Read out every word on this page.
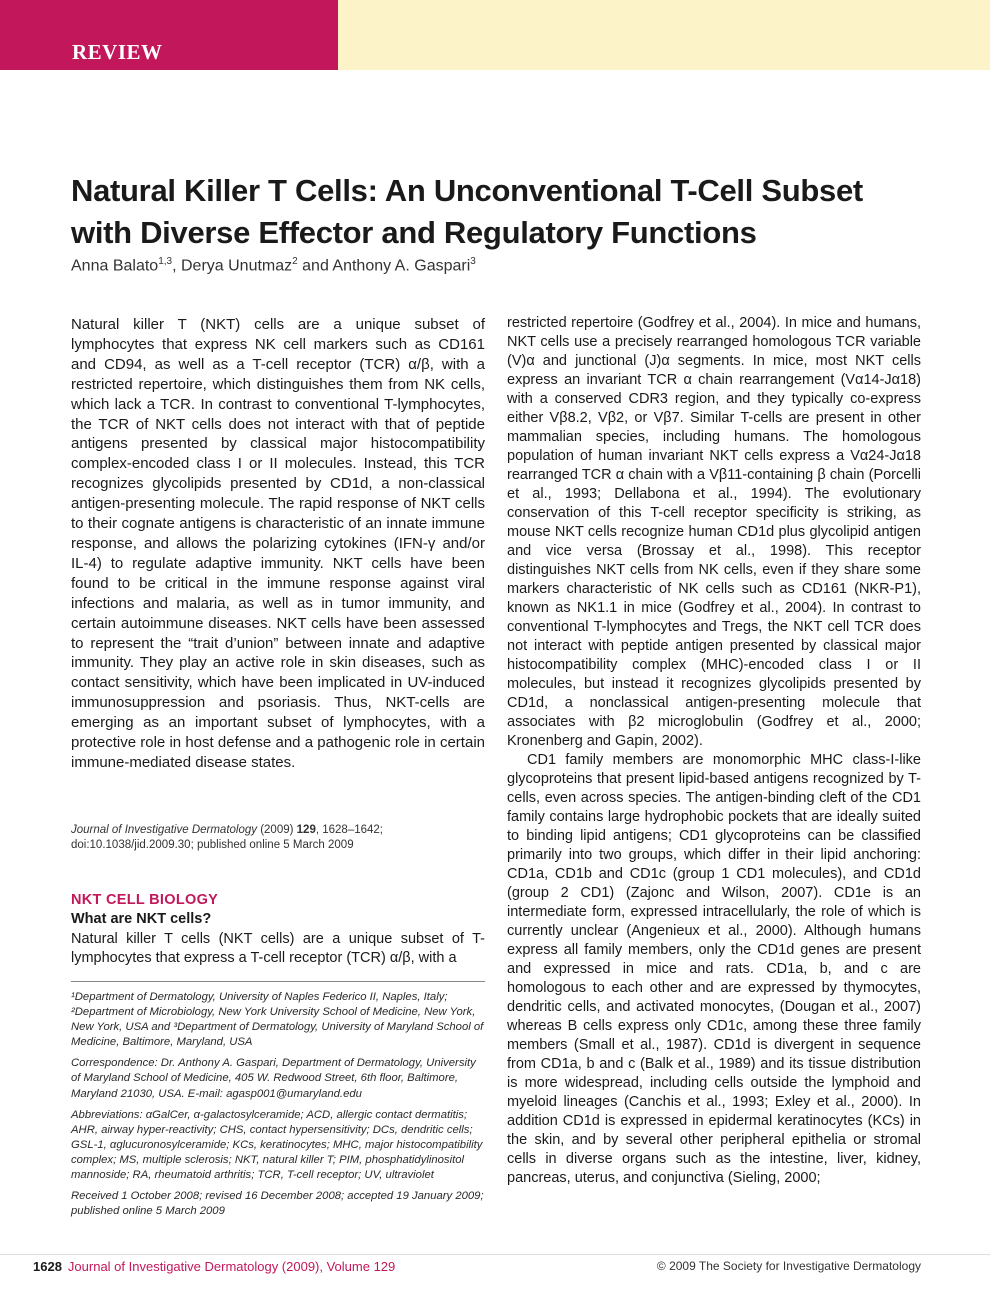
REVIEW
Natural Killer T Cells: An Unconventional T-Cell Subset with Diverse Effector and Regulatory Functions
Anna Balato$^{1,3}$, Derya Unutmaz$^2$ and Anthony A. Gaspari$^3$

Natural killer T (NKT) cells are a unique subset of lymphocytes that express NK cell markers such as CD161 and CD94, as well as a T-cell receptor (TCR) α/β, with a restricted repertoire, which distinguishes them from NK cells, which lack a TCR. In contrast to conventional T-lymphocytes, the TCR of NKT cells does not interact with that of peptide antigens presented by classical major histocompatibility complex-encoded class I or II molecules. Instead, this TCR recognizes glycolipids presented by CD1d, a non-classical antigen-presenting molecule. The rapid response of NKT cells to their cognate antigens is characteristic of an innate immune response, and allows the polarizing cytokines (IFN-γ and/or IL-4) to regulate adaptive immunity. NKT cells have been found to be critical in the immune response against viral infections and malaria, as well as in tumor immunity, and certain autoimmune diseases. NKT cells have been assessed to represent the “trait d’union” between innate and adaptive immunity. They play an active role in skin diseases, such as contact sensitivity, which have been implicated in UV-induced immunosuppression and psoriasis. Thus, NKT-cells are emerging as an important subset of lymphocytes, with a protective role in host defense and a pathogenic role in certain immune-mediated disease states.

Journal of Investigative Dermatology (2009) 129, 1628–1642;
doi:10.1038/jid.2009.30; published online 5 March 2009
NKT CELL BIOLOGY
What are NKT cells?

Natural killer T cells (NKT cells) are a unique subset of T-lymphocytes that express a T-cell receptor (TCR) α/β, with a

¹Department of Dermatology, University of Naples Federico II, Naples, Italy; ²Department of Microbiology, New York University School of Medicine, New York, New York, USA and ³Department of Dermatology, University of Maryland School of Medicine, Baltimore, Maryland, USA

Correspondence: Dr. Anthony A. Gaspari, Department of Dermatology, University of Maryland School of Medicine, 405 W. Redwood Street, 6th floor, Baltimore, Maryland 21030, USA. E-mail: agasp001@umaryland.edu

Abbreviations: αGalCer, α-galactosylceramide; ACD, allergic contact dermatitis; AHR, airway hyper-reactivity; CHS, contact hypersensitivity; DCs, dendritic cells; GSL-1, αglucuronosylceramide; KCs, keratinocytes; MHC, major histocompatibility complex; MS, multiple sclerosis; NKT, natural killer T; PIM, phosphatidylinositol mannoside; RA, rheumatoid arthritis; TCR, T-cell receptor; UV, ultraviolet

Received 1 October 2008; revised 16 December 2008; accepted 19 January 2009; published online 5 March 2009

restricted repertoire (Godfrey et al., 2004). In mice and humans, NKT cells use a precisely rearranged homologous TCR variable (V)α and junctional (J)α segments. In mice, most NKT cells express an invariant TCR α chain rearrangement (Vα14-Jα18) with a conserved CDR3 region, and they typically co-express either Vβ8.2, Vβ2, or Vβ7. Similar T-cells are present in other mammalian species, including humans. The homologous population of human invariant NKT cells express a Vα24-Jα18 rearranged TCR α chain with a Vβ11-containing β chain (Porcelli et al., 1993; Dellabona et al., 1994). The evolutionary conservation of this T-cell receptor specificity is striking, as mouse NKT cells recognize human CD1d plus glycolipid antigen and vice versa (Brossay et al., 1998). This receptor distinguishes NKT cells from NK cells, even if they share some markers characteristic of NK cells such as CD161 (NKR-P1), known as NK1.1 in mice (Godfrey et al., 2004). In contrast to conventional T-lymphocytes and Tregs, the NKT cell TCR does not interact with peptide antigen presented by classical major histocompatibility complex (MHC)-encoded class I or II molecules, but instead it recognizes glycolipids presented by CD1d, a nonclassical antigen-presenting molecule that associates with β2 microglobulin (Godfrey et al., 2000; Kronenberg and Gapin, 2002).

CD1 family members are monomorphic MHC class-I-like glycoproteins that present lipid-based antigens recognized by T-cells, even across species. The antigen-binding cleft of the CD1 family contains large hydrophobic pockets that are ideally suited to binding lipid antigens; CD1 glycoproteins can be classified primarily into two groups, which differ in their lipid anchoring: CD1a, CD1b and CD1c (group 1 CD1 molecules), and CD1d (group 2 CD1) (Zajonc and Wilson, 2007). CD1e is an intermediate form, expressed intracellularly, the role of which is currently unclear (Angenieux et al., 2000). Although humans express all family members, only the CD1d genes are present and expressed in mice and rats. CD1a, b, and c are homologous to each other and are expressed by thymocytes, dendritic cells, and activated monocytes, (Dougan et al., 2007) whereas B cells express only CD1c, among these three family members (Small et al., 1987). CD1d is divergent in sequence from CD1a, b and c (Balk et al., 1989) and its tissue distribution is more widespread, including cells outside the lymphoid and myeloid lineages (Canchis et al., 1993; Exley et al., 2000). In addition CD1d is expressed in epidermal keratinocytes (KCs) in the skin, and by several other peripheral epithelia or stromal cells in diverse organs such as the intestine, liver, kidney, pancreas, uterus, and conjunctiva (Sieling, 2000;

1628 Journal of Investigative Dermatology (2009), Volume 129	© 2009 The Society for Investigative Dermatology
